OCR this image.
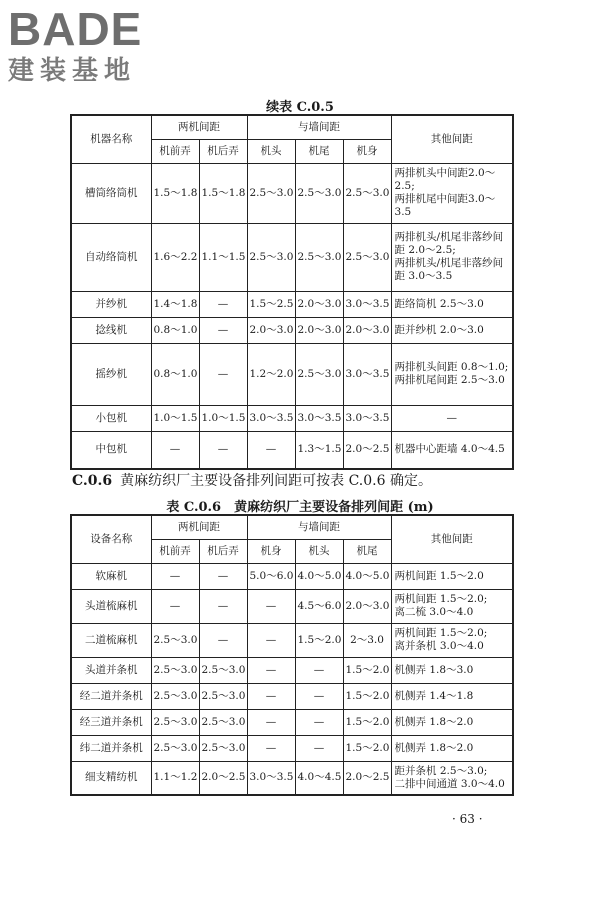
BADE
建装基地
续表 C.0.5
机器名称	两机间距		与墙间距			其他间距
	机前弄	机后弄	机头	机尾	机身	
槽筒络筒机	1.5～1.8	1.5～1.8	2.5～3.0	2.5～3.0	2.5～3.0	两排机头中间距2.0～2.5;
两排机尾中间距3.0～3.5

自动络筒机	1.6～2.2	1.1～1.5	2.5～3.0	2.5～3.0	2.5～3.0	两排机头/机尾非落纱间距 2.0～2.5;
两排机头/机尾非落纱间距 3.0～3.5

并纱机	1.4～1.8	—	1.5～2.5	2.0～3.0	3.0～3.5	距络筒机 2.5～3.0

捻线机	0.8～1.0	—	2.0～3.0	2.0～3.0	2.0～3.0	距并纱机 2.0～3.0

摇纱机	0.8～1.0	—	1.2～2.0	2.5～3.0	3.0～3.5	两排机头间距 0.8～1.0;
两排机尾间距 2.5～3.0

小包机	1.0～1.5	1.0～1.5	3.0～3.5	3.0～3.5	3.0～3.5	—

中包机	—	—	—	1.3～1.5	2.0～2.5	机器中心距墙 4.0～4.5
C.0.6 黄麻纺织厂主要设备排列间距可按表 C.0.6 确定。
表 C.0.6　黄麻纺织厂主要设备排列间距 (m)
设备名称	两机间距		与墙间距			其他间距
	机前弄	机后弄	机身	机头	机尾	
软麻机	—	—	5.0～6.0	4.0～5.0	4.0～5.0	两机间距 1.5～2.0

头道梳麻机	—	—	—	4.5～6.0	2.0～3.0	两机间距 1.5～2.0;
离二梳 3.0～4.0

二道梳麻机	2.5～3.0	—	—	1.5～2.0	2～3.0	两机间距 1.5～2.0;
离并条机 3.0～4.0

头道并条机	2.5～3.0	2.5～3.0	—	—	1.5～2.0	机侧弄 1.8～3.0

经二道并条机	2.5～3.0	2.5～3.0	—	—	1.5～2.0	机侧弄 1.4～1.8

经三道并条机	2.5～3.0	2.5～3.0	—	—	1.5～2.0	机侧弄 1.8～2.0

纬二道并条机	2.5～3.0	2.5～3.0	—	—	1.5～2.0	机侧弄 1.8～2.0

细支精纺机	1.1～1.2	2.0～2.5	3.0～3.5	4.0～4.5	2.0～2.5	距并条机 2.5～3.0;
二排中间通道 3.0～4.0
· 63 ·
